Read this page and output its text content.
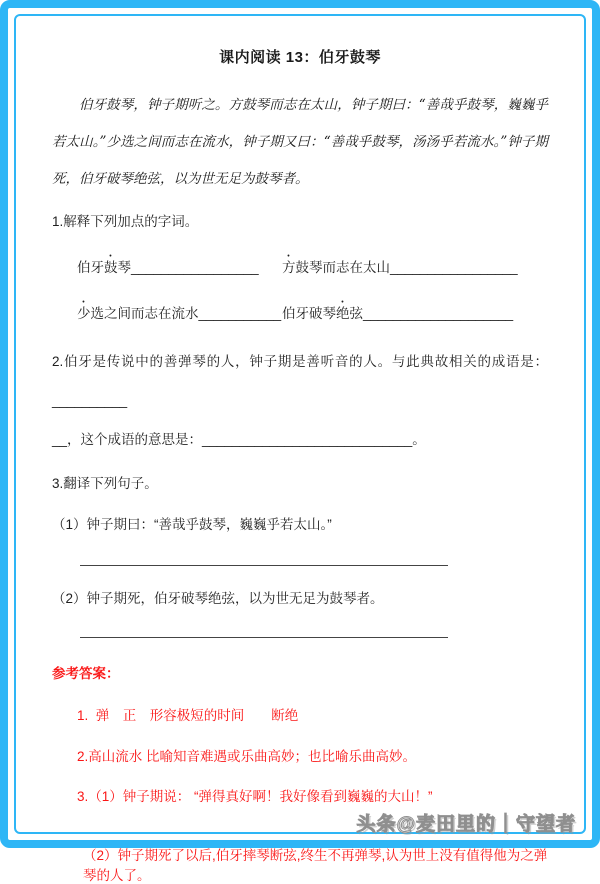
课内阅读 13：伯牙鼓琴

伯牙鼓琴，钟子期听之。方鼓琴而志在太山，钟子期曰：“善哉乎鼓琴，巍巍乎若太山。”少选之间而志在流水，钟子期又曰：“善哉乎鼓琴，汤汤乎若流水。”钟子期死，伯牙破琴绝弦，以为世无足为鼓琴者。

1.解释下列加点的字词。

伯牙鼓琴_________________	方鼓琴而志在太山_________________
少选之间而志在流水___________ 伯牙破琴绝弦____________________

2.伯牙是传说中的善弹琴的人，钟子期是善听音的人。与此典故相关的成语是：__________
__，这个成语的意思是：____________________________。

3.翻译下列句子。

（1）钟子期曰：“善哉乎鼓琴，巍巍乎若太山。”

（2）钟子期死，伯牙破琴绝弦，以为世无足为鼓琴者。

参考答案：

1.  弹　正　形容极短的时间　　断绝

2.高山流水 比喻知音难遇或乐曲高妙；也比喻乐曲高妙。

3.（1）钟子期说： “弹得真好啊！我好像看到巍巍的大山！”

（2）钟子期死了以后,伯牙摔琴断弦,终生不再弹琴,认为世上没有值得他为之弹琴的人了。

头条@麦田里的｜守望者
